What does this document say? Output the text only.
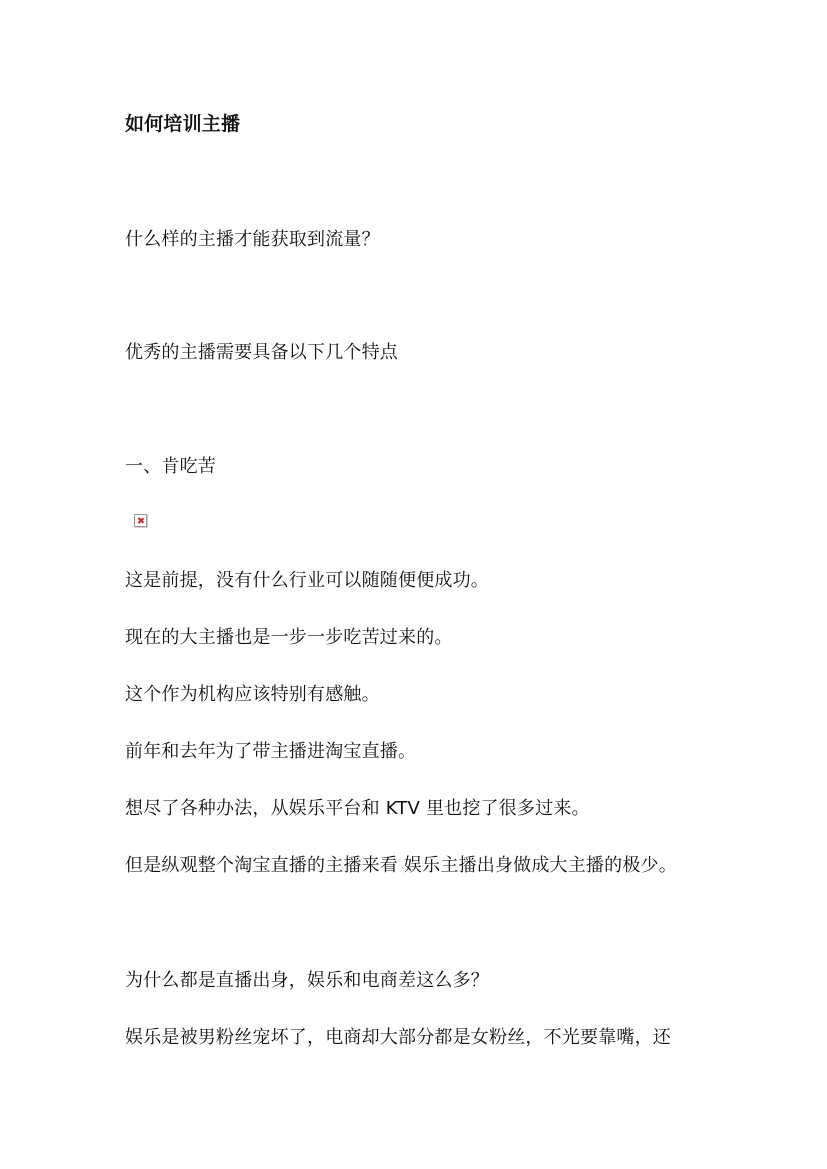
如何培训主播
什么样的主播才能获取到流量？
优秀的主播需要具备以下几个特点
一、肯吃苦
这是前提，没有什么行业可以随随便便成功。
现在的大主播也是一步一步吃苦过来的。
这个作为机构应该特别有感触。
前年和去年为了带主播进淘宝直播。
想尽了各种办法，从娱乐平台和 KTV 里也挖了很多过来。
但是纵观整个淘宝直播的主播来看 娱乐主播出身做成大主播的极少。
为什么都是直播出身，娱乐和电商差这么多？
娱乐是被男粉丝宠坏了，电商却大部分都是女粉丝，不光要靠嘴，还
